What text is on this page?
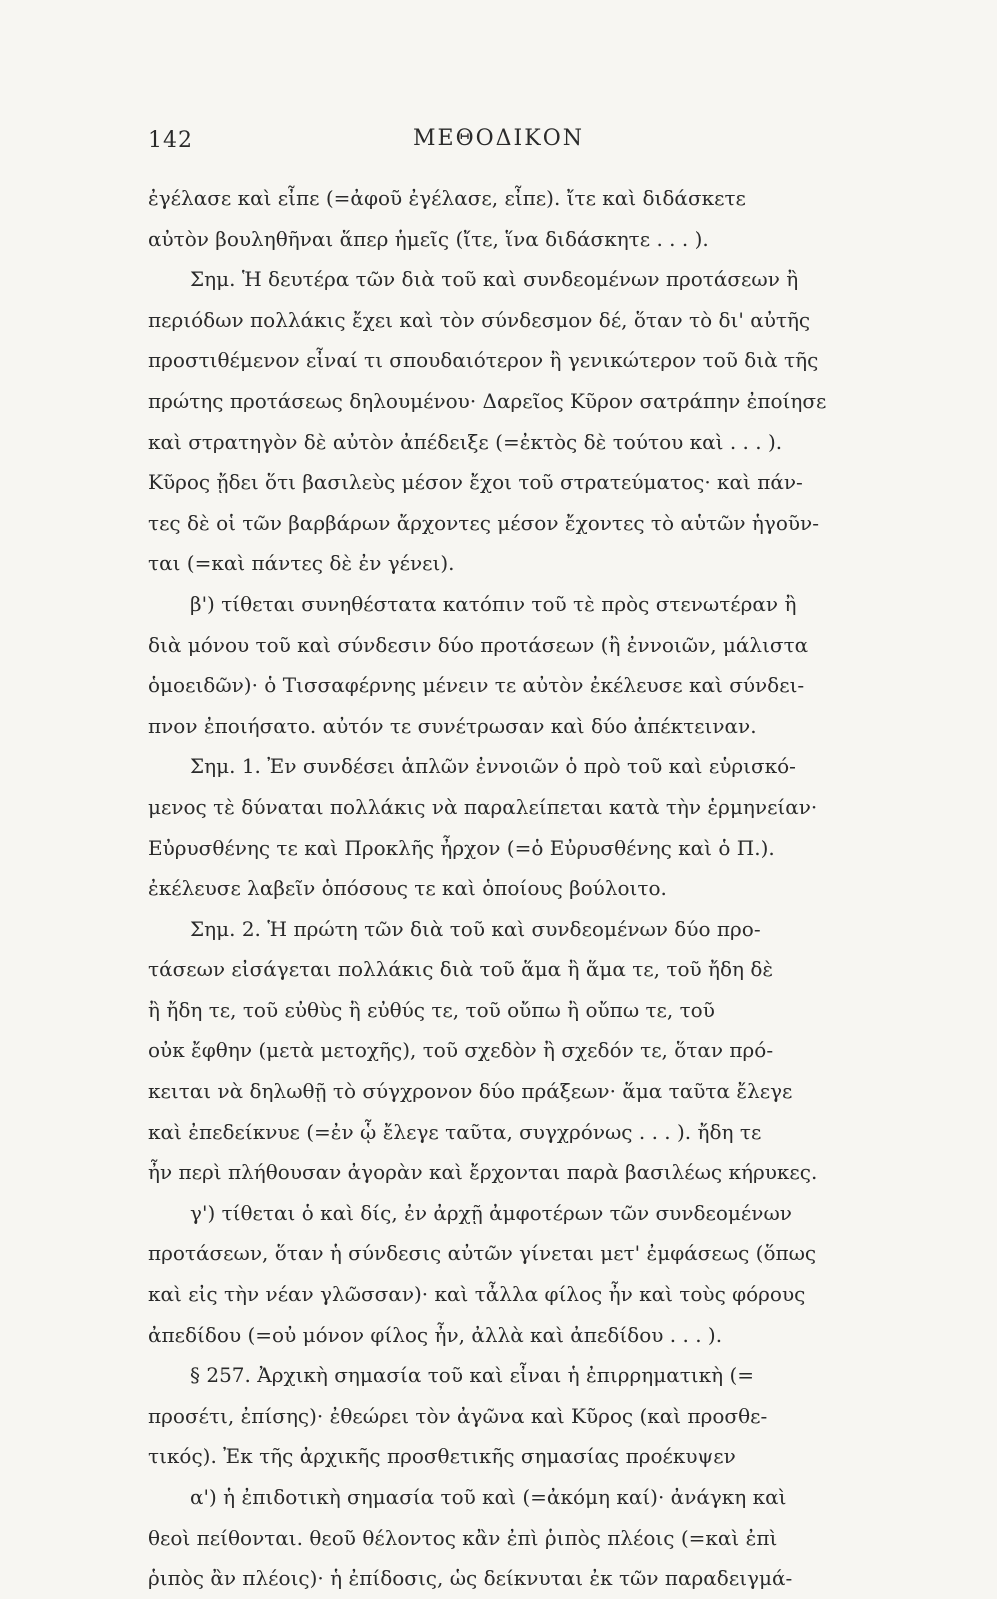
142	ΜΕΘΟΔΙΚΟΝ
ἐγέλασε καὶ εἶπε (=ἀφοῦ ἐγέλασε, εἶπε). ἴτε καὶ διδάσκετε
αὐτὸν βουληθῆναι ἅπερ ἡμεῖς (ἴτε, ἵνα διδάσκητε . . . ).
Σημ. Ἡ δευτέρα τῶν διὰ τοῦ καὶ συνδεομένων προτάσεων ἢ
περιόδων πολλάκις ἔχει καὶ τὸν σύνδεσμον δέ, ὅταν τὸ δι' αὐτῆς
προστιθέμενον εἶναί τι σπουδαιότερον ἢ γενικώτερον τοῦ διὰ τῆς
πρώτης προτάσεως δηλουμένου· Δαρεῖος Κῦρον σατράπην ἐποίησε
καὶ στρατηγὸν δὲ αὐτὸν ἀπέδειξε (=ἐκτὸς δὲ τούτου καὶ . . . ).
Κῦρος ᾔδει ὅτι βασιλεὺς μέσον ἔχοι τοῦ στρατεύματος· καὶ πάν-
τες δὲ οἱ τῶν βαρβάρων ἄρχοντες μέσον ἔχοντες τὸ αὑτῶν ἡγοῦν-
ται (=καὶ πάντες δὲ ἐν γένει).
β') τίθεται συνηθέστατα κατόπιν τοῦ τὲ πρὸς στενωτέραν ἢ
διὰ μόνου τοῦ καὶ σύνδεσιν δύο προτάσεων (ἢ ἐννοιῶν, μάλιστα
ὁμοειδῶν)· ὁ Τισσαφέρνης μένειν τε αὐτὸν ἐκέλευσε καὶ σύνδει-
πνον ἐποιήσατο. αὐτόν τε συνέτρωσαν καὶ δύο ἀπέκτειναν.
Σημ. 1. Ἐν συνδέσει ἁπλῶν ἐννοιῶν ὁ πρὸ τοῦ καὶ εὑρισκό-
μενος τὲ δύναται πολλάκις νὰ παραλείπεται κατὰ τὴν ἑρμηνείαν·
Εὐρυσθένης τε καὶ Προκλῆς ἦρχον (=ὁ Εὐρυσθένης καὶ ὁ Π.).
ἐκέλευσε λαβεῖν ὁπόσους τε καὶ ὁποίους βούλοιτο.
Σημ. 2. Ἡ πρώτη τῶν διὰ τοῦ καὶ συνδεομένων δύο προ-
τάσεων εἰσάγεται πολλάκις διὰ τοῦ ἅμα ἢ ἅμα τε, τοῦ ἤδη δὲ
ἢ ἤδη τε, τοῦ εὐθὺς ἢ εὐθύς τε, τοῦ οὔπω ἢ οὔπω τε, τοῦ
οὐκ ἔφθην (μετὰ μετοχῆς), τοῦ σχεδὸν ἢ σχεδόν τε, ὅταν πρό-
κειται νὰ δηλωθῇ τὸ σύγχρονον δύο πράξεων· ἅμα ταῦτα ἔλεγε
καὶ ἐπεδείκνυε (=ἐν ᾧ ἔλεγε ταῦτα, συγχρόνως . . . ). ἤδη τε
ἦν περὶ πλήθουσαν ἀγορὰν καὶ ἔρχονται παρὰ βασιλέως κήρυκες.
γ') τίθεται ὁ καὶ δίς, ἐν ἀρχῇ ἀμφοτέρων τῶν συνδεομένων
προτάσεων, ὅταν ἡ σύνδεσις αὐτῶν γίνεται μετ' ἐμφάσεως (ὅπως
καὶ εἰς τὴν νέαν γλῶσσαν)· καὶ τἆλλα φίλος ἦν καὶ τοὺς φόρους
ἀπεδίδου (=οὐ μόνον φίλος ἦν, ἀλλὰ καὶ ἀπεδίδου . . . ).
§ 257. Ἀρχικὴ σημασία τοῦ καὶ εἶναι ἡ ἐπιρρηματικὴ (=
προσέτι, ἐπίσης)· ἐθεώρει τὸν ἀγῶνα καὶ Κῦρος (καὶ προσθε-
τικός). Ἐκ τῆς ἀρχικῆς προσθετικῆς σημασίας προέκυψεν
α') ἡ ἐπιδοτικὴ σημασία τοῦ καὶ (=ἀκόμη καί)· ἀνάγκη καὶ
θεοὶ πείθονται. θεοῦ θέλοντος κἂν ἐπὶ ῥιπὸς πλέοις (=καὶ ἐπὶ
ῥιπὸς ἂν πλέοις)· ἡ ἐπίδοσις, ὡς δείκνυται ἐκ τῶν παραδειγμά-
